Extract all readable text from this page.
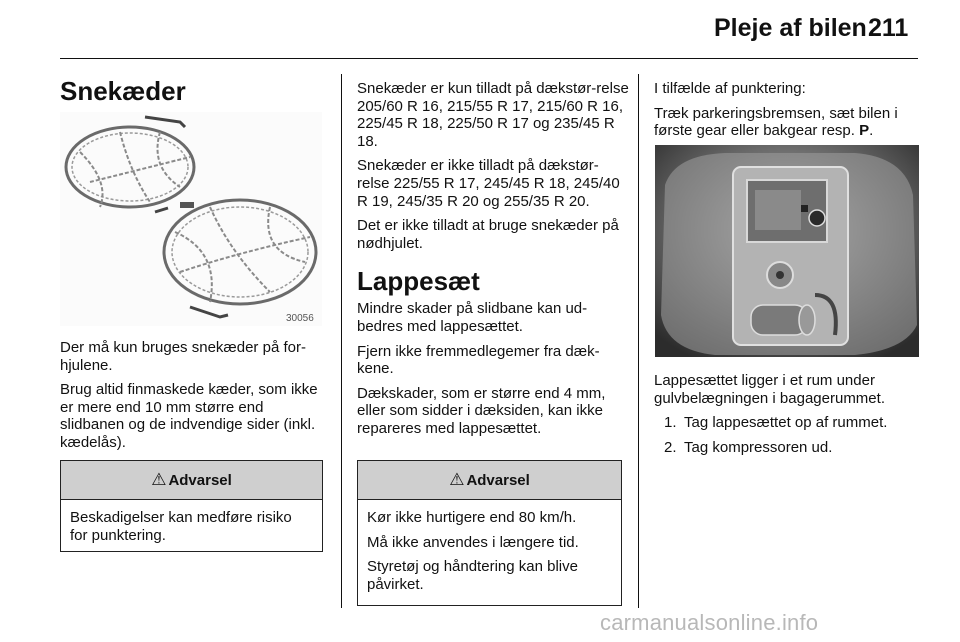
Pleje af bilen 211
Snekæder
30056

Der må kun bruges snekæder på for-hjulene.

Brug altid finmaskede kæder, som ikke er mere end 10 mm større end slidbanen og de indvendige sider (inkl. kædelås).

⚠ Advarsel

Beskadigelser kan medføre risiko for punktering.

Snekæder er kun tilladt på dækstør-relse 205/60 R 16, 215/55 R 17, 215/60 R 16, 225/45 R 18, 225/50 R 17 og 235/45 R 18.

Snekæder er ikke tilladt på dækstør-relse 225/55 R 17, 245/45 R 18, 245/40 R 19, 245/35 R 20 og 255/35 R 20.

Det er ikke tilladt at bruge snekæder på nødhjulet.

Lappesæt

Mindre skader på slidbane kan ud-bedres med lappesættet.

Fjern ikke fremmedlegemer fra dæk-kene.

Dækskader, som er større end 4 mm, eller som sidder i dæksiden, kan ikke repareres med lappesættet.

⚠ Advarsel

Kør ikke hurtigere end 80 km/h.

Må ikke anvendes i længere tid.

Styretøj og håndtering kan blive påvirket.

I tilfælde af punktering:

Træk parkeringsbremsen, sæt bilen i første gear eller bakgear resp. P.

Lappesættet ligger i et rum under gulvbelægningen i bagagerummet.

1. Tag lappesættet op af rummet.
2. Tag kompressoren ud.
carmanualsonline.info
